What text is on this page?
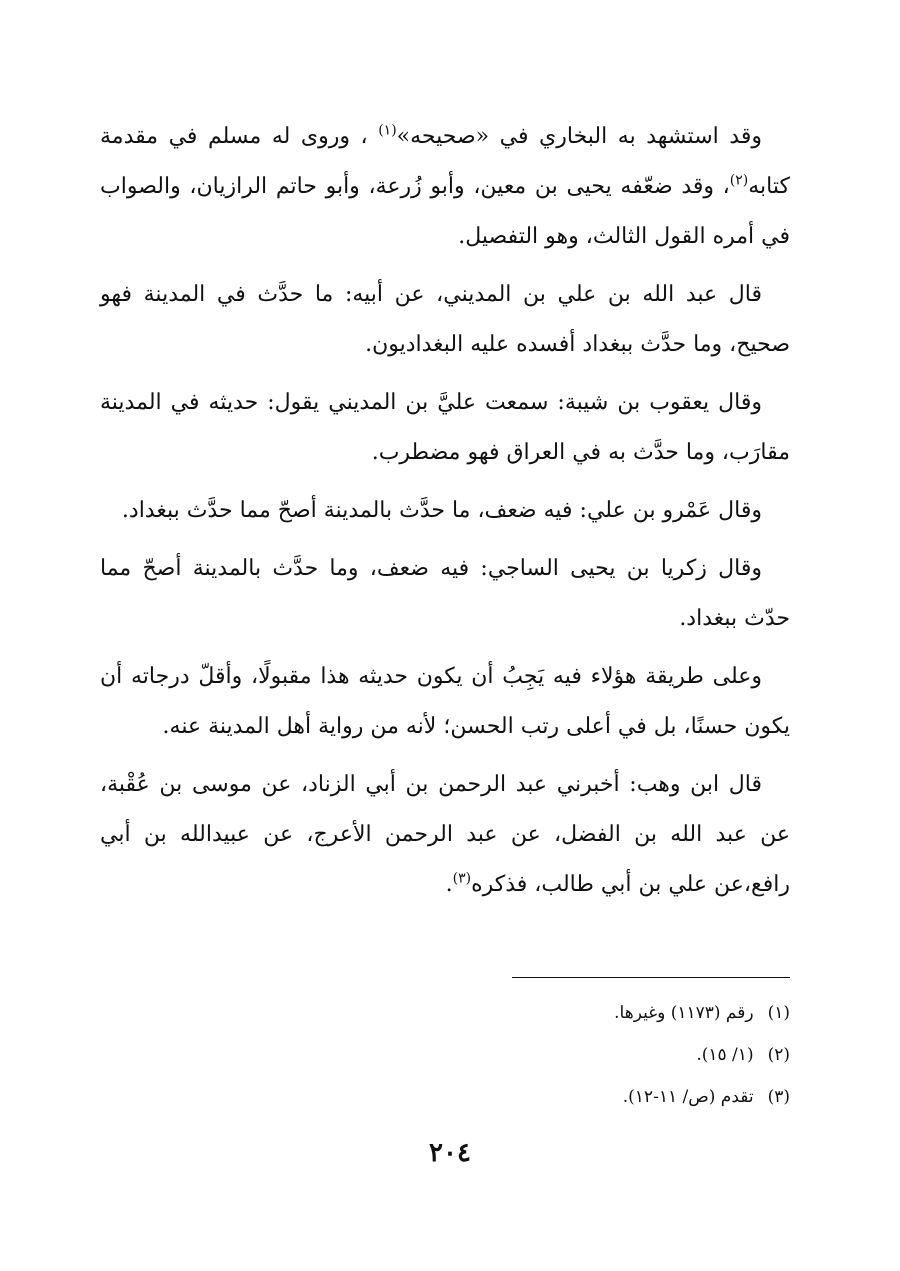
وقد استشهد به البخاري في «صحيحه»$^{(١)}$ ، وروى له مسلم في مقدمة كتابه$^{(٢)}$، وقد ضعّفه يحيى بن معين، وأبو زُرعة، وأبو حاتم الرازيان، والصواب في أمره القول الثالث، وهو التفصيل.

قال عبد الله بن علي بن المديني، عن أبيه: ما حدَّث في المدينة فهو صحيح، وما حدَّث ببغداد أفسده عليه البغداديون.

وقال يعقوب بن شيبة: سمعت عليَّ بن المديني يقول: حديثه في المدينة مقارَب، وما حدَّث به في العراق فهو مضطرب.

وقال عَمْرو بن علي: فيه ضعف، ما حدَّث بالمدينة أصحّ مما حدَّث ببغداد.

وقال زكريا بن يحيى الساجي: فيه ضعف، وما حدَّث بالمدينة أصحّ مما حدّث ببغداد.

وعلى طريقة هؤلاء فيه يَجِبُ أن يكون حديثه هذا مقبولًا، وأقلّ درجاته أن يكون حسنًا، بل في أعلى رتب الحسن؛ لأنه من رواية أهل المدينة عنه.

قال ابن وهب: أخبرني عبد الرحمن بن أبي الزناد، عن موسى بن عُقْبة، عن عبد الله بن الفضل، عن عبد الرحمن الأعرج، عن عبيدالله بن أبي رافع،عن علي بن أبي طالب، فذكره$^{(٣)}$.

(١)
رقم (١١٧٣) وغيرها.
(٢)
(١/ ١٥).
(٣)
تقدم (ص/ ١١-١٢).
٢٠٤
